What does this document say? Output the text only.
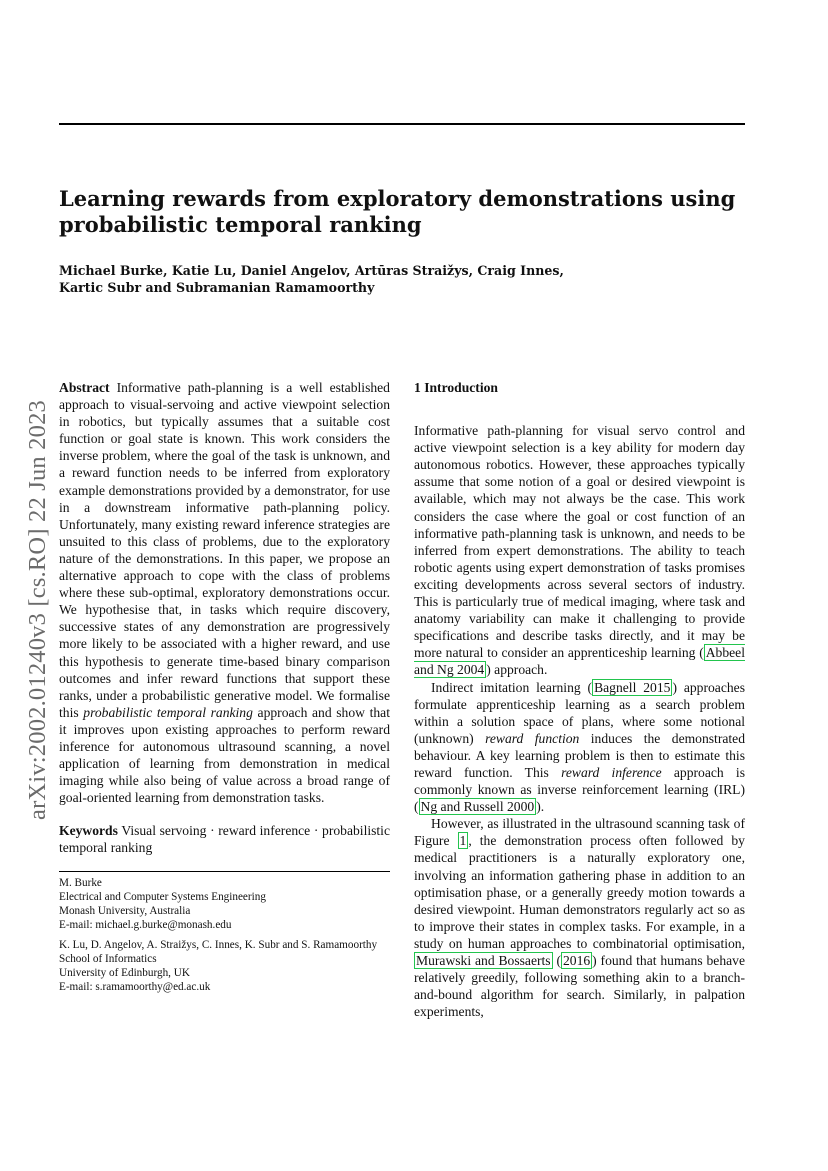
Learning rewards from exploratory demonstrations using
probabilistic temporal ranking

Michael Burke, Katie Lu, Daniel Angelov, Artūras Straižys, Craig Innes,
Kartic Subr and Subramanian Ramamoorthy

arXiv:2002.01240v3 [cs.RO] 22 Jun 2023

Abstract Informative path-planning is a well established approach to visual-servoing and active viewpoint selection in robotics, but typically assumes that a suitable cost function or goal state is known. This work considers the inverse problem, where the goal of the task is unknown, and a reward function needs to be inferred from exploratory example demonstrations provided by a demonstrator, for use in a downstream informative path-planning policy. Unfortunately, many existing reward inference strategies are unsuited to this class of problems, due to the exploratory nature of the demonstrations. In this paper, we propose an alternative approach to cope with the class of problems where these sub-optimal, exploratory demonstrations occur. We hypothesise that, in tasks which require discovery, successive states of any demonstration are progressively more likely to be associated with a higher reward, and use this hypothesis to generate time-based binary comparison outcomes and infer reward functions that support these ranks, under a probabilistic generative model. We formalise this probabilistic temporal ranking approach and show that it improves upon existing approaches to perform reward inference for autonomous ultrasound scanning, a novel application of learning from demonstration in medical imaging while also being of value across a broad range of goal-oriented learning from demonstration tasks.

Keywords Visual servoing · reward inference · probabilistic temporal ranking

M. Burke
Electrical and Computer Systems Engineering
Monash University, Australia
E-mail: michael.g.burke@monash.edu
K. Lu, D. Angelov, A. Straižys, C. Innes, K. Subr and S. Ramamoorthy
School of Informatics
University of Edinburgh, UK
E-mail: s.ramamoorthy@ed.ac.uk

1 Introduction

Informative path-planning for visual servo control and active viewpoint selection is a key ability for modern day autonomous robotics. However, these approaches typically assume that some notion of a goal or desired viewpoint is available, which may not always be the case. This work considers the case where the goal or cost function of an informative path-planning task is unknown, and needs to be inferred from expert demonstrations. The ability to teach robotic agents using expert demonstration of tasks promises exciting developments across several sectors of industry. This is particularly true of medical imaging, where task and anatomy variability can make it challenging to provide specifications and describe tasks directly, and it may be more natural to consider an apprenticeship learning ( Abbeel and Ng 2004 ) approach.

Indirect imitation learning ( Bagnell 2015 ) approaches formulate apprenticeship learning as a search problem within a solution space of plans, where some notional (unknown) reward function induces the demonstrated behaviour. A key learning problem is then to estimate this reward function. This reward inference approach is commonly known as inverse reinforcement learning (IRL) ( Ng and Russell 2000 ).

However, as illustrated in the ultrasound scanning task of Figure 1 , the demonstration process often followed by medical practitioners is a naturally exploratory one, involving an information gathering phase in addition to an optimisation phase, or a generally greedy motion towards a desired viewpoint. Human demonstrators regularly act so as to improve their states in complex tasks. For example, in a study on human approaches to combinatorial optimisation, Murawski and Bossaerts ( 2016 ) found that humans behave relatively greedily, following something akin to a branch-and-bound algorithm for search. Similarly, in palpation experiments,
